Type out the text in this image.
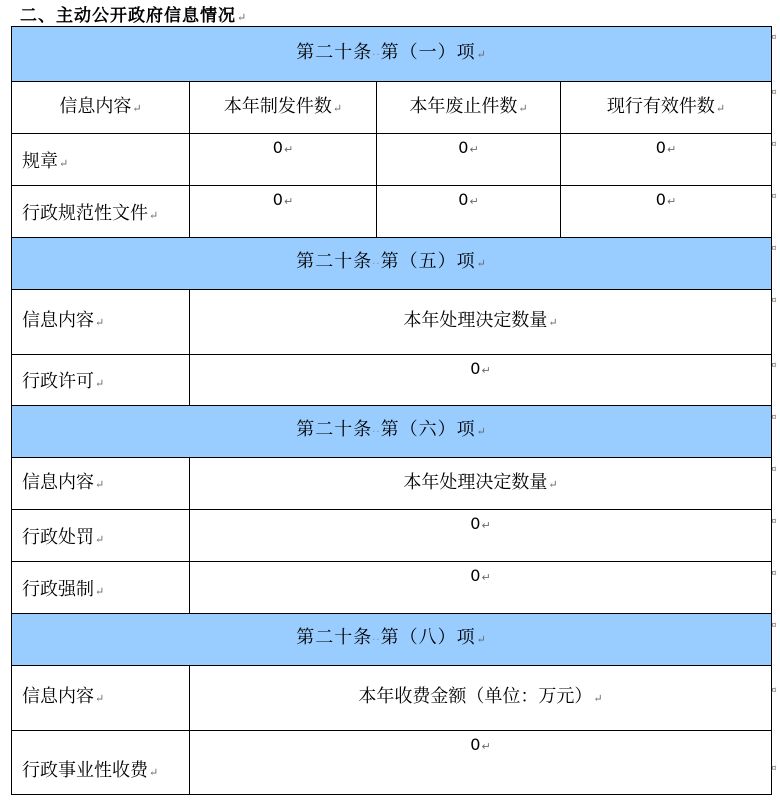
二、主动公开政府信息情况↵
第二十条··第（一）项↵			
信息内容↵	本年制发件数↵	本年废止件数↵	现行有效件数↵
规章↵	0↵	0↵	0↵
行政规范性文件↵	0↵	0↵	0↵
第二十条··第（五）项↵			
信息内容↵	本年处理决定数量↵		
行政许可↵	0↵		
第二十条··第（六）项↵			
信息内容↵	本年处理决定数量↵		
行政处罚↵	0↵		
行政强制↵	0↵		
第二十条··第（八）项↵			
信息内容↵	本年收费金额（单位：万元）↵		
行政事业性收费↵	0↵		
¤
¤
¤
¤
¤
¤
¤
¤
¤
¤
¤
¤
¤
¤
